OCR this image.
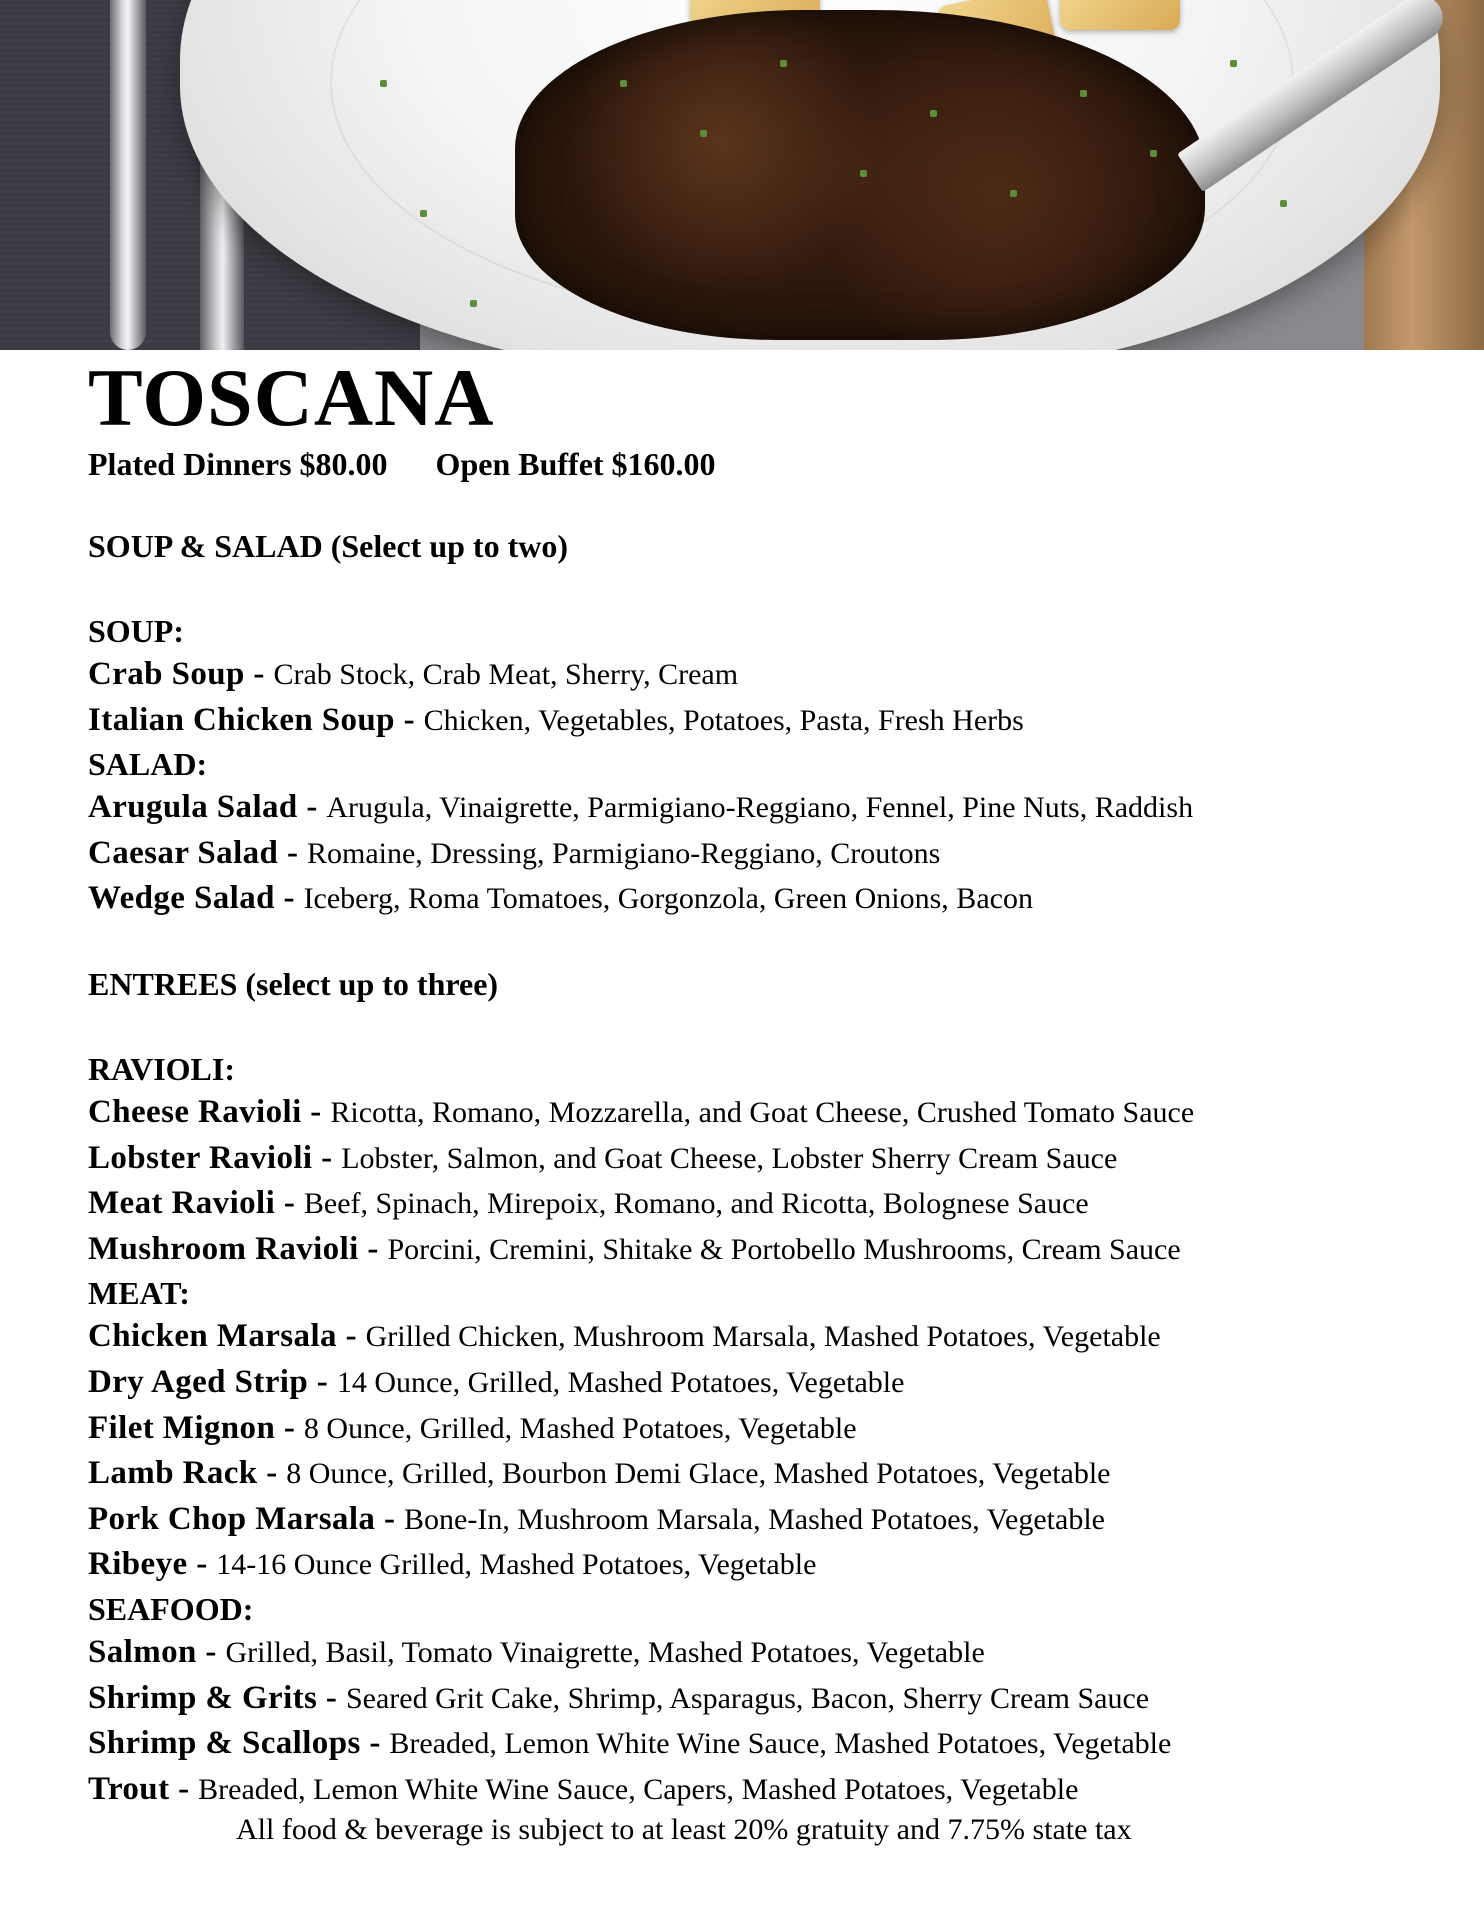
TOSCANA
Plated Dinners $80.00 Open Buffet $160.00
SOUP & SALAD (Select up to two)
SOUP:
Crab Soup - Crab Stock, Crab Meat, Sherry, Cream
Italian Chicken Soup - Chicken, Vegetables, Potatoes, Pasta, Fresh Herbs
SALAD:
Arugula Salad - Arugula, Vinaigrette, Parmigiano-Reggiano, Fennel, Pine Nuts, Raddish
Caesar Salad - Romaine, Dressing, Parmigiano-Reggiano, Croutons
Wedge Salad - Iceberg, Roma Tomatoes, Gorgonzola, Green Onions, Bacon
ENTREES (select up to three)
RAVIOLI:
Cheese Ravioli - Ricotta, Romano, Mozzarella, and Goat Cheese, Crushed Tomato Sauce
Lobster Ravioli - Lobster, Salmon, and Goat Cheese, Lobster Sherry Cream Sauce
Meat Ravioli - Beef, Spinach, Mirepoix, Romano, and Ricotta, Bolognese Sauce
Mushroom Ravioli - Porcini, Cremini, Shitake & Portobello Mushrooms, Cream Sauce
MEAT:
Chicken Marsala - Grilled Chicken, Mushroom Marsala, Mashed Potatoes, Vegetable
Dry Aged Strip - 14 Ounce, Grilled, Mashed Potatoes, Vegetable
Filet Mignon - 8 Ounce, Grilled, Mashed Potatoes, Vegetable
Lamb Rack - 8 Ounce, Grilled, Bourbon Demi Glace, Mashed Potatoes, Vegetable
Pork Chop Marsala - Bone-In, Mushroom Marsala, Mashed Potatoes, Vegetable
Ribeye - 14-16 Ounce Grilled, Mashed Potatoes, Vegetable
SEAFOOD:
Salmon - Grilled, Basil, Tomato Vinaigrette, Mashed Potatoes, Vegetable
Shrimp & Grits - Seared Grit Cake, Shrimp, Asparagus, Bacon, Sherry Cream Sauce
Shrimp & Scallops - Breaded, Lemon White Wine Sauce, Mashed Potatoes, Vegetable
Trout - Breaded, Lemon White Wine Sauce, Capers, Mashed Potatoes, Vegetable
All food & beverage is subject to at least 20% gratuity and 7.75% state tax
